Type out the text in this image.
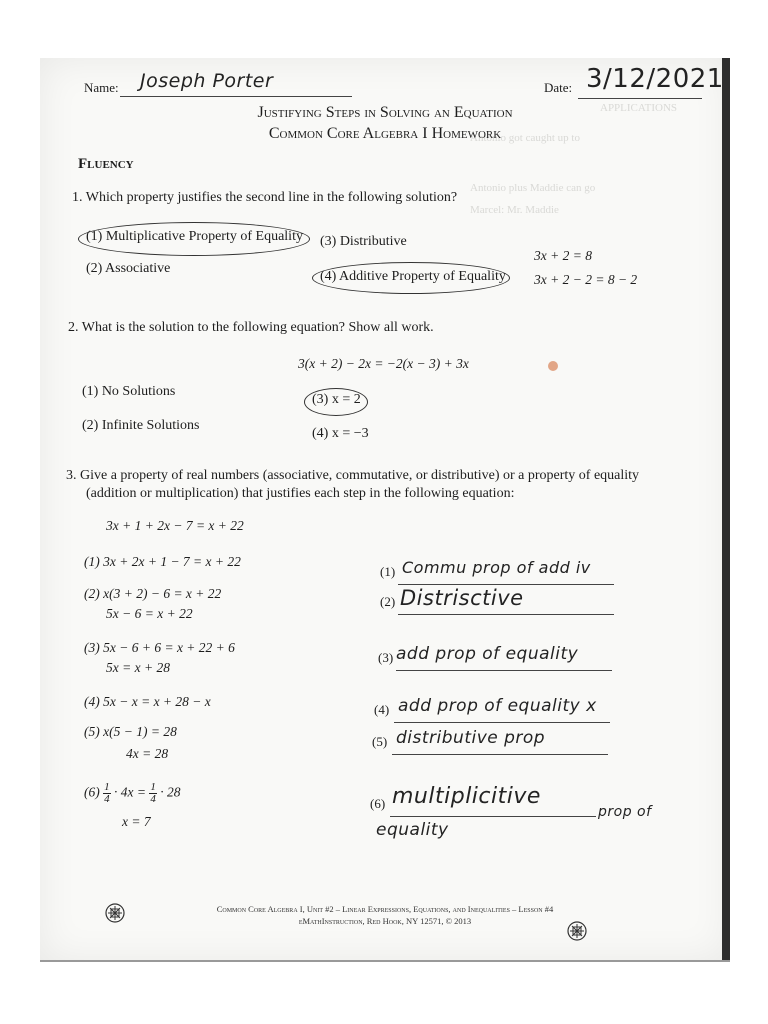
APPLICATIONS
Antonio got caught up to
Antonio plus Maddie can go
Marcel: Mr. Maddie
Name: Joseph Porter	Date: 3/12/2021
Justifying Steps in Solving an Equation
Common Core Algebra I Homework
Fluency
1. Which property justifies the second line in the following solution?
(1) Multiplicative Property of Equality
(2) Associative
(3) Distributive
(4) Additive Property of Equality
3x + 2 = 8
3x + 2 − 2 = 8 − 2
2. What is the solution to the following equation? Show all work.
3(x + 2) − 2x = −2(x − 3) + 3x
(1) No Solutions
(2) Infinite Solutions
(3) x = 2
(4) x = −3
3. Give a property of real numbers (associative, commutative, or distributive) or a property of equality
(addition or multiplication) that justifies each step in the following equation:
3x + 1 + 2x − 7 = x + 22
(1) 3x + 2x + 1 − 7 = x + 22
(2) x(3 + 2) − 6 = x + 22
5x − 6 = x + 22
(3) 5x − 6 + 6 = x + 22 + 6
5x = x + 28
(4) 5x − x = x + 28 − x
(5) x(5 − 1) = 28
4x = 28
$(6) \frac{1}{4} \cdot 4x = \frac{1}{4} \cdot 28$
x = 7
(1) Commu prop of add iv
(2) Distrisctive
(3) add prop of equality
(4) add prop of equality x
(5) distributive prop
(6) multiplicitive
prop of
equality
Common Core Algebra I, Unit #2 – Linear Expressions, Equations, and Inequalities – Lesson #4
eMathInstruction, Red Hook, NY 12571, © 2013
